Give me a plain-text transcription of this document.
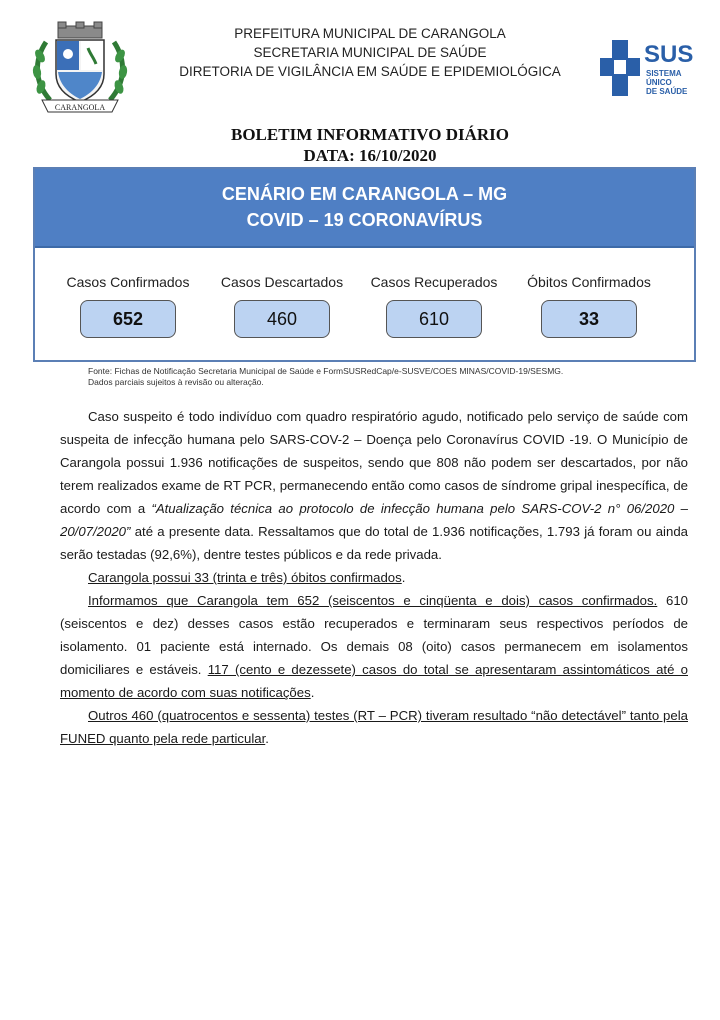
CARANGOLA
PREFEITURA MUNICIPAL DE CARANGOLA
SECRETARIA MUNICIPAL DE SAÚDE
DIRETORIA DE VIGILÂNCIA EM SAÚDE E EPIDEMIOLÓGICA
SUS
SISTEMA
ÚNICO
DE SAÚDE
BOLETIM INFORMATIVO DIÁRIO
DATA: 16/10/2020
CENÁRIO EM CARANGOLA – MG
COVID – 19 CORONAVÍRUS
Casos Confirmados
652
Casos Descartados
460
Casos Recuperados
610
Óbitos Confirmados
33
Fonte: Fichas de Notificação Secretaria Municipal de Saúde e FormSUSRedCap/e-SUSVE/COES MINAS/COVID-19/SESMG.
Dados parciais sujeitos à revisão ou alteração.

Caso suspeito é todo indivíduo com quadro respiratório agudo, notificado pelo serviço de saúde com suspeita de infecção humana pelo SARS-COV-2 – Doença pelo Coronavírus COVID -19. O Município de Carangola possui 1.936 notificações de suspeitos, sendo que 808 não podem ser descartados, por não terem realizados exame de RT PCR, permanecendo então como casos de síndrome gripal inespecífica, de acordo com a “Atualização técnica ao protocolo de infecção humana pelo SARS-COV-2 n° 06/2020 – 20/07/2020” até a presente data. Ressaltamos que do total de 1.936 notificações, 1.793 já foram ou ainda serão testadas (92,6%), dentre testes públicos e da rede privada.

Carangola possui 33 (trinta e três) óbitos confirmados.

Informamos que Carangola tem 652 (seiscentos e cinqüenta e dois) casos confirmados. 610 (seiscentos e dez) desses casos estão recuperados e terminaram seus respectivos períodos de isolamento. 01 paciente está internado. Os demais 08 (oito) casos permanecem em isolamentos domiciliares e estáveis. 117 (cento e dezessete) casos do total se apresentaram assintomáticos até o momento de acordo com suas notificações.

Outros 460 (quatrocentos e sessenta) testes (RT – PCR) tiveram resultado “não detectável” tanto pela FUNED quanto pela rede particular.
